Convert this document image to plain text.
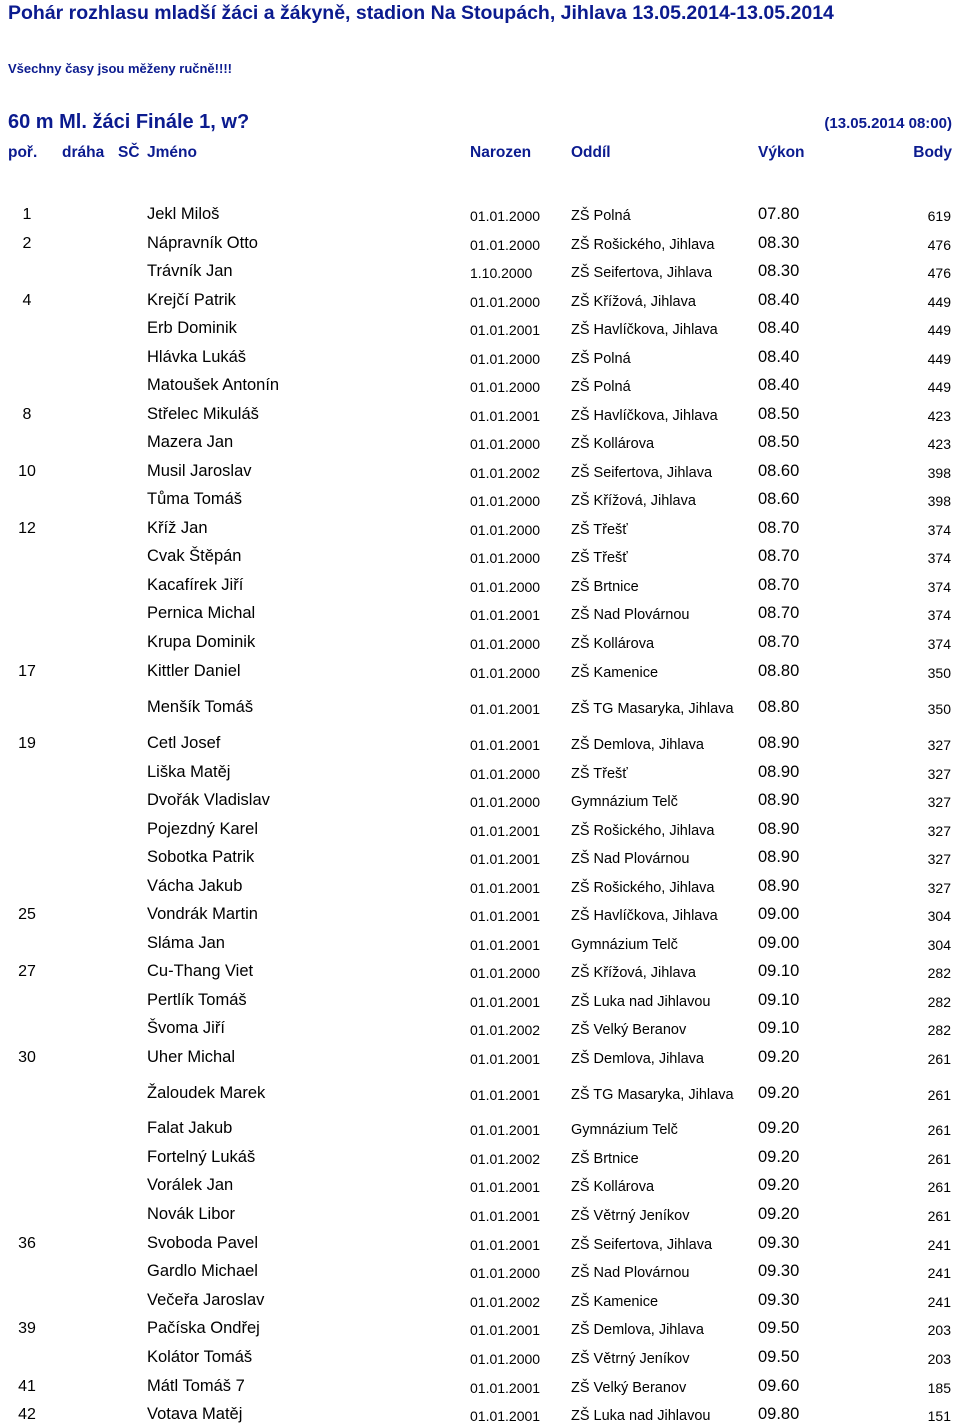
Pohár rozhlasu mladší žáci a žákyně, stadion Na Stoupách, Jihlava 13.05.2014-13.05.2014
Všechny časy jsou měženy ručně!!!!
60 m Ml. žáci Finále 1, w?	(13.05.2014 08:00)
poř. dráha SČ Jméno	Narozen	Oddíl	Výkon	Body
1	Jekl Miloš	01.01.2000 ZŠ Polná	07.80	619
2	Nápravník Otto	01.01.2000 ZŠ Rošického, Jihlava	08.30	476
Trávník Jan	1.10.2000	ZŠ Seifertova, Jihlava	08.30	476
4	Krejčí Patrik	01.01.2000 ZŠ Křížová, Jihlava	08.40	449
Erb Dominik	01.01.2001 ZŠ Havlíčkova, Jihlava 08.40	449
Hlávka Lukáš	01.01.2000 ZŠ Polná	08.40	449
Matoušek Antonín	01.01.2000 ZŠ Polná	08.40	449
8	Střelec Mikuláš	01.01.2001 ZŠ Havlíčkova, Jihlava 08.50	423
Mazera Jan	01.01.2000 ZŠ Kollárova	08.50	423
10	Musil Jaroslav	01.01.2002 ZŠ Seifertova, Jihlava	08.60	398
Tůma Tomáš	01.01.2000 ZŠ Křížová, Jihlava	08.60	398
12	Kříž Jan	01.01.2000 ZŠ Třešť	08.70	374
Cvak Štěpán	01.01.2000 ZŠ Třešť	08.70	374
Kacafírek Jiří	01.01.2000 ZŠ Brtnice	08.70	374
Pernica Michal	01.01.2001 ZŠ Nad Plovárnou	08.70	374
Krupa Dominik	01.01.2000 ZŠ Kollárova	08.70	374
17	Kittler Daniel	01.01.2000 ZŠ Kamenice	08.80	350
Menšík Tomáš	01.01.2001 ZŠ TG Masaryka, Jihlava 08.80	350
19	Cetl Josef	01.01.2001 ZŠ Demlova, Jihlava	08.90	327
Liška Matěj	01.01.2000 ZŠ Třešť	08.90	327
Dvořák Vladislav	01.01.2000 Gymnázium Telč	08.90	327
Pojezdný Karel	01.01.2001 ZŠ Rošického, Jihlava	08.90	327
Sobotka Patrik	01.01.2001 ZŠ Nad Plovárnou	08.90	327
Vácha Jakub	01.01.2001 ZŠ Rošického, Jihlava	08.90	327
25	Vondrák Martin	01.01.2001 ZŠ Havlíčkova, Jihlava 09.00	304
Sláma Jan	01.01.2001 Gymnázium Telč	09.00	304
27	Cu-Thang Viet	01.01.2000 ZŠ Křížová, Jihlava	09.10	282
Pertlík Tomáš	01.01.2001 ZŠ Luka nad Jihlavou	09.10	282
Švoma Jiří	01.01.2002 ZŠ Velký Beranov	09.10	282
30	Uher Michal	01.01.2001 ZŠ Demlova, Jihlava	09.20	261
Žaloudek Marek	01.01.2001 ZŠ TG Masaryka, Jihlava 09.20	261
Falat Jakub	01.01.2001 Gymnázium Telč	09.20	261
Fortelný Lukáš	01.01.2002 ZŠ Brtnice	09.20	261
Vorálek Jan	01.01.2001 ZŠ Kollárova	09.20	261
Novák Libor	01.01.2001 ZŠ Větrný Jeníkov	09.20	261
36	Svoboda Pavel	01.01.2001 ZŠ Seifertova, Jihlava	09.30	241
Gardlo Michael	01.01.2000 ZŠ Nad Plovárnou	09.30	241
Večeřa Jaroslav	01.01.2002 ZŠ Kamenice	09.30	241
39	Pačíska Ondřej	01.01.2001 ZŠ Demlova, Jihlava	09.50	203
Kolátor Tomáš	01.01.2000 ZŠ Větrný Jeníkov	09.50	203
41	Mátl Tomáš 7	01.01.2001 ZŠ Velký Beranov	09.60	185
42	Votava Matěj	01.01.2001 ZŠ Luka nad Jihlavou	09.80	151
